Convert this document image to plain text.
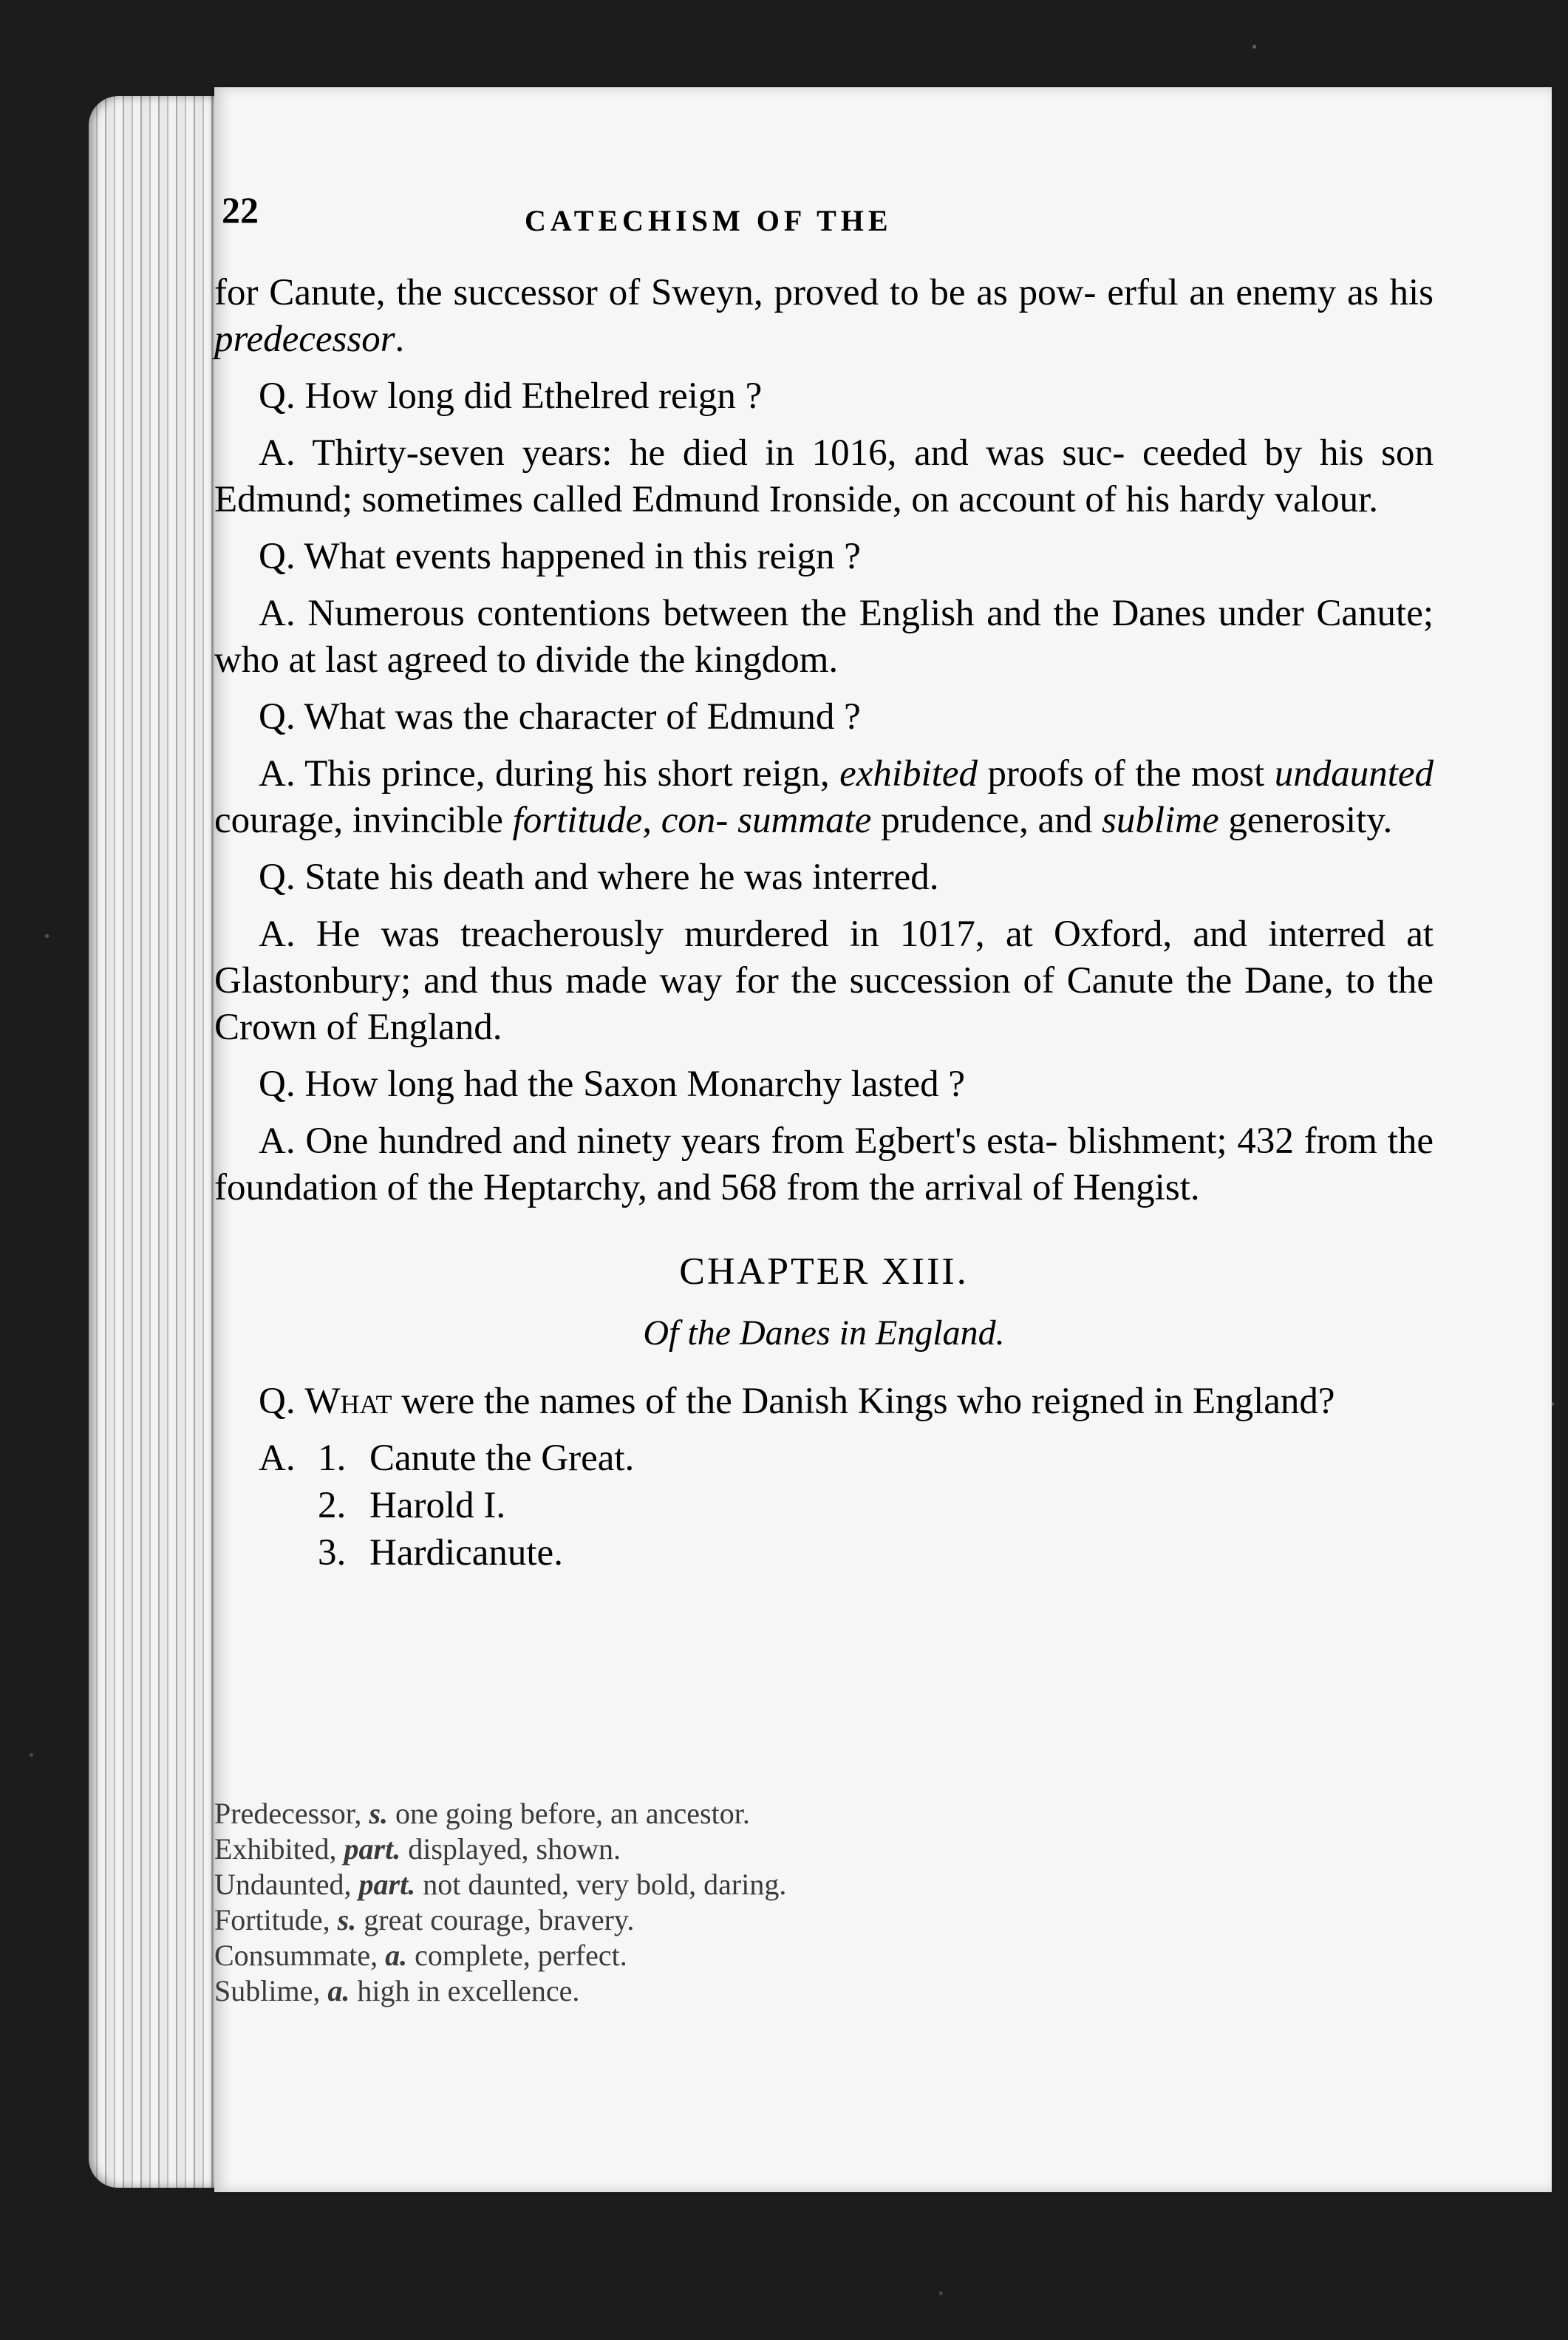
22	CATECHISM OF THE

for Canute, the successor of Sweyn, proved to be as pow- erful an enemy as his predecessor.

Q. How long did Ethelred reign ?

A. Thirty-seven years: he died in 1016, and was suc- ceeded by his son Edmund; sometimes called Edmund Ironside, on account of his hardy valour.

Q. What events happened in this reign ?

A. Numerous contentions between the English and the Danes under Canute; who at last agreed to divide the kingdom.

Q. What was the character of Edmund ?

A. This prince, during his short reign, exhibited proofs of the most undaunted courage, invincible fortitude, con- summate prudence, and sublime generosity.

Q. State his death and where he was interred.

A. He was treacherously murdered in 1017, at Oxford, and interred at Glastonbury; and thus made way for the succession of Canute the Dane, to the Crown of England.

Q. How long had the Saxon Monarchy lasted ?

A. One hundred and ninety years from Egbert's esta- blishment; 432 from the foundation of the Heptarchy, and 568 from the arrival of Hengist.

CHAPTER XIII.
Of the Danes in England.

Q. What were the names of the Danish Kings who reigned in England?

A. 1. Canute the Great.
2. Harold I.
3. Hardicanute.
Predecessor, s. one going before, an ancestor.
Exhibited, part. displayed, shown.
Undaunted, part. not daunted, very bold, daring.
Fortitude, s. great courage, bravery.
Consummate, a. complete, perfect.
Sublime, a. high in excellence.
